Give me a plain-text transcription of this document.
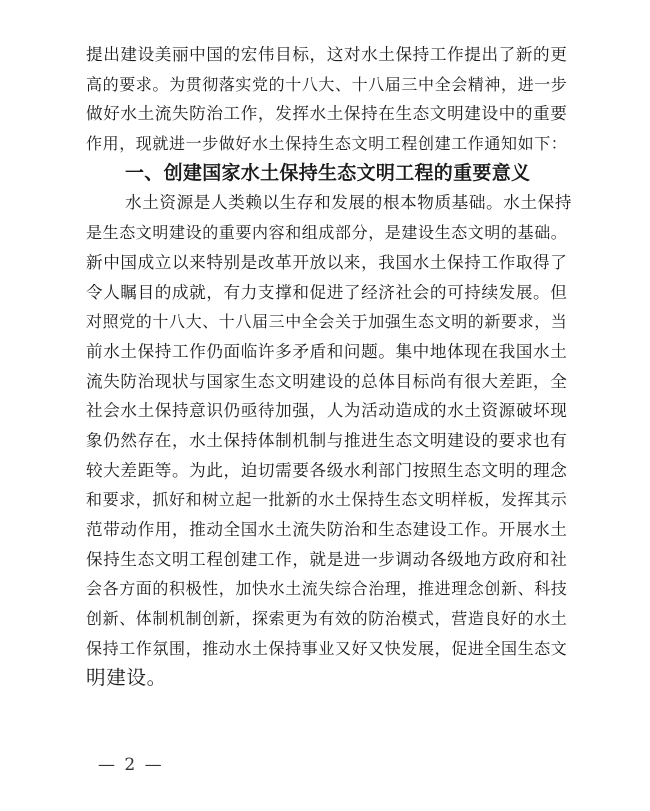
提出建设美丽中国的宏伟目标，这对水土保持工作提出了新的更
高的要求。为贯彻落实党的十八大、十八届三中全会精神，进一步
做好水土流失防治工作，发挥水土保持在生态文明建设中的重要
作用，现就进一步做好水土保持生态文明工程创建工作通知如下：
一、创建国家水土保持生态文明工程的重要意义
水土资源是人类赖以生存和发展的根本物质基础。水土保持
是生态文明建设的重要内容和组成部分，是建设生态文明的基础。
新中国成立以来特别是改革开放以来，我国水土保持工作取得了
令人瞩目的成就，有力支撑和促进了经济社会的可持续发展。但
对照党的十八大、十八届三中全会关于加强生态文明的新要求，当
前水土保持工作仍面临许多矛盾和问题。集中地体现在我国水土
流失防治现状与国家生态文明建设的总体目标尚有很大差距，全
社会水土保持意识仍亟待加强，人为活动造成的水土资源破坏现
象仍然存在，水土保持体制机制与推进生态文明建设的要求也有
较大差距等。为此，迫切需要各级水利部门按照生态文明的理念
和要求，抓好和树立起一批新的水土保持生态文明样板，发挥其示
范带动作用，推动全国水土流失防治和生态建设工作。开展水土
保持生态文明工程创建工作，就是进一步调动各级地方政府和社
会各方面的积极性，加快水土流失综合治理，推进理念创新、科技
创新、体制机制创新，探索更为有效的防治模式，营造良好的水土
保持工作氛围，推动水土保持事业又好又快发展，促进全国生态文
明建设。
— 2 —
